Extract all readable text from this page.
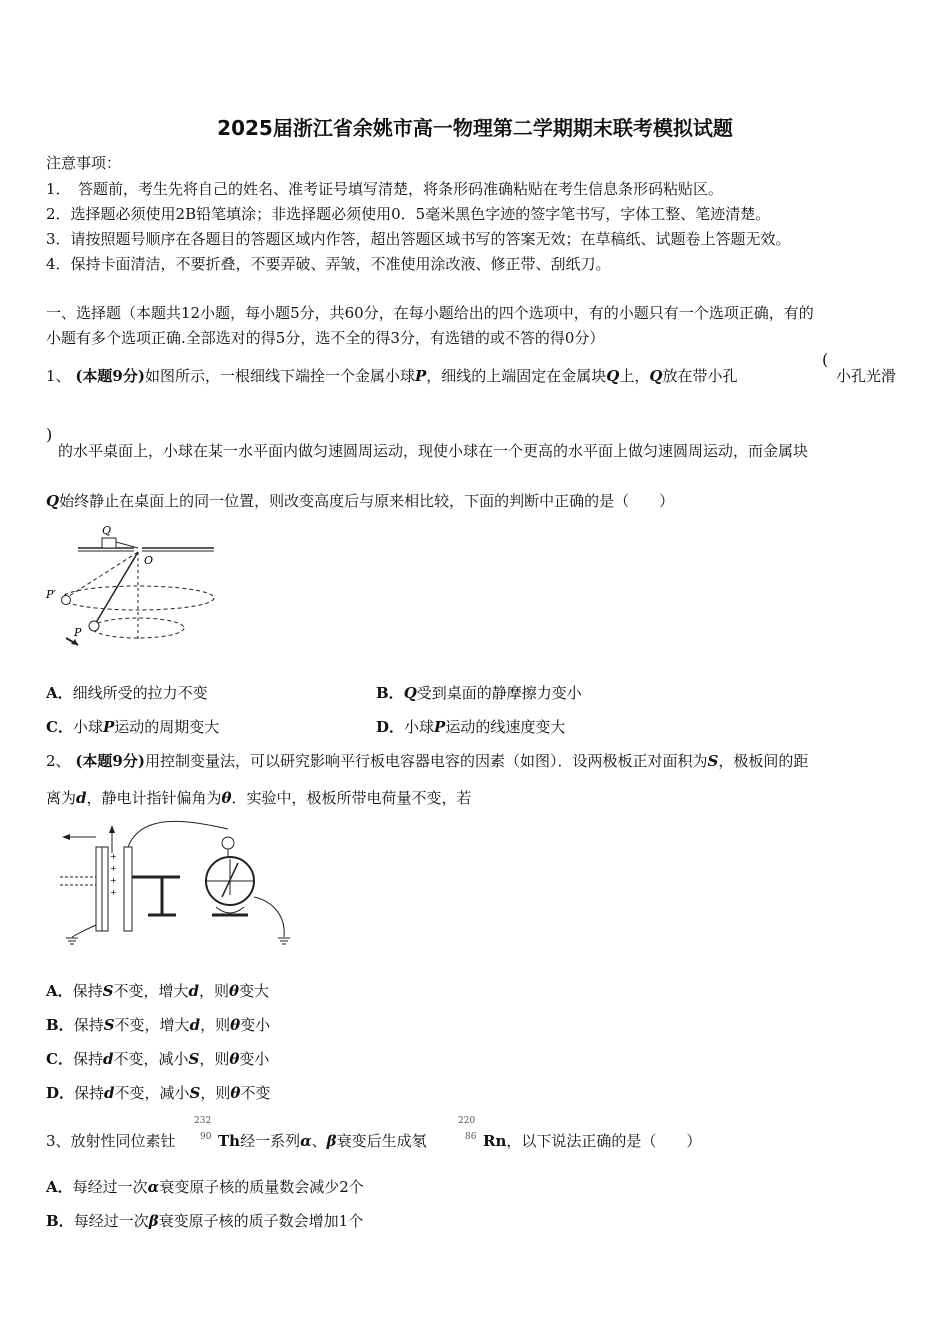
2025届浙江省余姚市高一物理第二学期期末联考模拟试题
注意事项：
1．　答题前，考生先将自己的姓名、准考证号填写清楚，将条形码准确粘贴在考生信息条形码粘贴区。
2．选择题必须使用2B铅笔填涂；非选择题必须使用0．5毫米黑色字迹的签字笔书写，字体工整、笔迹清楚。
3．请按照题号顺序在各题目的答题区域内作答，超出答题区域书写的答案无效；在草稿纸、试题卷上答题无效。
4．保持卡面清洁，不要折叠，不要弄破、弄皱，不准使用涂改液、修正带、刮纸刀。
一、选择题（本题共12小题，每小题5分，共60分，在每小题给出的四个选项中，有的小题只有一个选项正确，有的
小题有多个选项正确.全部选对的得5分，选不全的得3分，有选错的或不答的得0分）
1、 (本题9分)如图所示，一根细线下端拴一个金属小球P，细线的上端固定在金属块Q上，Q放在带小孔
(
小孔光滑
)
的水平桌面上，小球在某一水平面内做匀速圆周运动，现使小球在一个更高的水平面上做匀速圆周运动，而金属块
Q始终静止在桌面上的同一位置，则改变高度后与原来相比较，下面的判断中正确的是（　　）
Q
O
P′
P
A．细线所受的拉力不变	B．Q受到桌面的静摩擦力变小
C．小球P运动的周期变大	D．小球P运动的线速度变大
2、 (本题9分)用控制变量法，可以研究影响平行板电容器电容的因素（如图）．设两极板正对面积为S，极板间的距
离为d，静电计指针偏角为θ．实验中，极板所带电荷量不变，若
+
+
+
+
A．保持S不变，增大d，则θ变大
B．保持S不变，增大d，则θ变小
C．保持d不变，减小S，则θ变小
D．保持d不变，减小S，则θ不变
3、放射性同位素钍
232
90 Th经一系列α、β衰变后生成氡
220
86 Rn，以下说法正确的是（　　）
A．每经过一次α衰变原子核的质量数会减少2个
B．每经过一次β衰变原子核的质子数会增加1个
